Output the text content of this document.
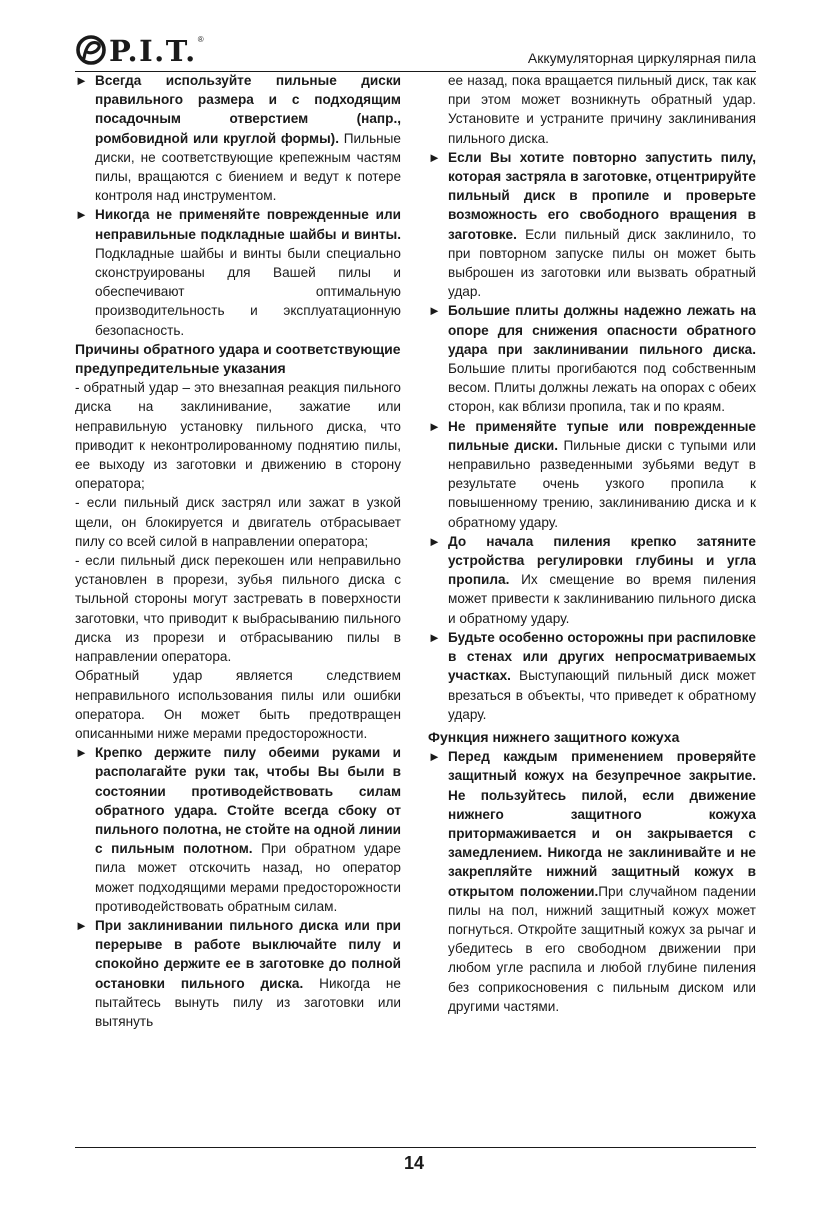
P.I.T. ®
Аккумуляторная циркулярная пила
► Всегда используйте пильные диски правильного размера и с подходящим посадочным отверстием (напр., ромбовидной или круглой формы). Пильные диски, не соответствующие крепежным частям пилы, вращаются с биением и ведут к потере контроля над инструментом.
► Никогда не применяйте поврежденные или неправильные подкладные шайбы и винты. Подкладные шайбы и винты были специально сконструированы для Вашей пилы и обеспечивают оптимальную производительность и эксплуатационную безопасность.
Причины обратного удара и соответствующие предупредительные указания

- обратный удар – это внезапная реакция пильного диска на заклинивание, зажатие или неправильную установку пильного диска, что приводит к неконтролированному поднятию пилы, ее выходу из заготовки и движению в сторону оператора;

- если пильный диск застрял или зажат в узкой щели, он блокируется и двигатель отбрасывает пилу со всей силой в направлении оператора;

- если пильный диск перекошен или неправильно установлен в прорези, зубья пильного диска с тыльной стороны могут застревать в поверхности заготовки, что приводит к выбрасыванию пильного диска из прорези и отбрасыванию пилы в направлении оператора.

Обратный удар является следствием неправильного использования пилы или ошибки оператора. Он может быть предотвращен описанными ниже мерами предосторожности.

► Крепко держите пилу обеими руками и располагайте руки так, чтобы Вы были в состоянии противодействовать силам обратного удара. Стойте всегда сбоку от пильного полотна, не стойте на одной линии с пильным полотном. При обратном ударе пила может отскочить назад, но оператор может подходящими мерами предосторожности противодействовать обратным силам.
► При заклинивании пильного диска или при перерыве в работе выключайте пилу и спокойно держите ее в заготовке до полной остановки пильного диска. Никогда не пытайтесь вынуть пилу из заготовки или вытянуть

ее назад, пока вращается пильный диск, так как при этом может возникнуть обратный удар. Установите и устраните причину заклинивания пильного диска.

► Если Вы хотите повторно запустить пилу, которая застряла в заготовке, отцентрируйте пильный диск в пропиле и проверьте возможность его свободного вращения в заготовке. Если пильный диск заклинило, то при повторном запуске пилы он может быть выброшен из заготовки или вызвать обратный удар.
► Большие плиты должны надежно лежать на опоре для снижения опасности обратного удара при заклинивании пильного диска. Большие плиты прогибаются под собственным весом. Плиты должны лежать на опорах с обеих сторон, как вблизи пропила, так и по краям.
► Не применяйте тупые или поврежденные пильные диски. Пильные диски с тупыми или неправильно разведенными зубьями ведут в результате очень узкого пропила к повышенному трению, заклиниванию диска и к обратному удару.
► До начала пиления крепко затяните устройства регулировки глубины и угла пропила. Их смещение во время пиления может привести к заклиниванию пильного диска и обратному удару.
► Будьте особенно осторожны при распиловке в стенах или других непросматриваемых участках. Выступающий пильный диск может врезаться в объекты, что приведет к обратному удару.
Функция нижнего защитного кожуха
► Перед каждым применением проверяйте защитный кожух на безупречное закрытие. Не пользуйтесь пилой, если движение нижнего защитного кожуха притормаживается и он закрывается с замедлением. Никогда не заклинивайте и не закрепляйте нижний защитный кожух в открытом положении.При случайном падении пилы на пол, нижний защитный кожух может погнуться. Откройте защитный кожух за рычаг и убедитесь в его свободном движении при любом угле распила и любой глубине пиления без соприкосновения с пильным диском или другими частями.
14
